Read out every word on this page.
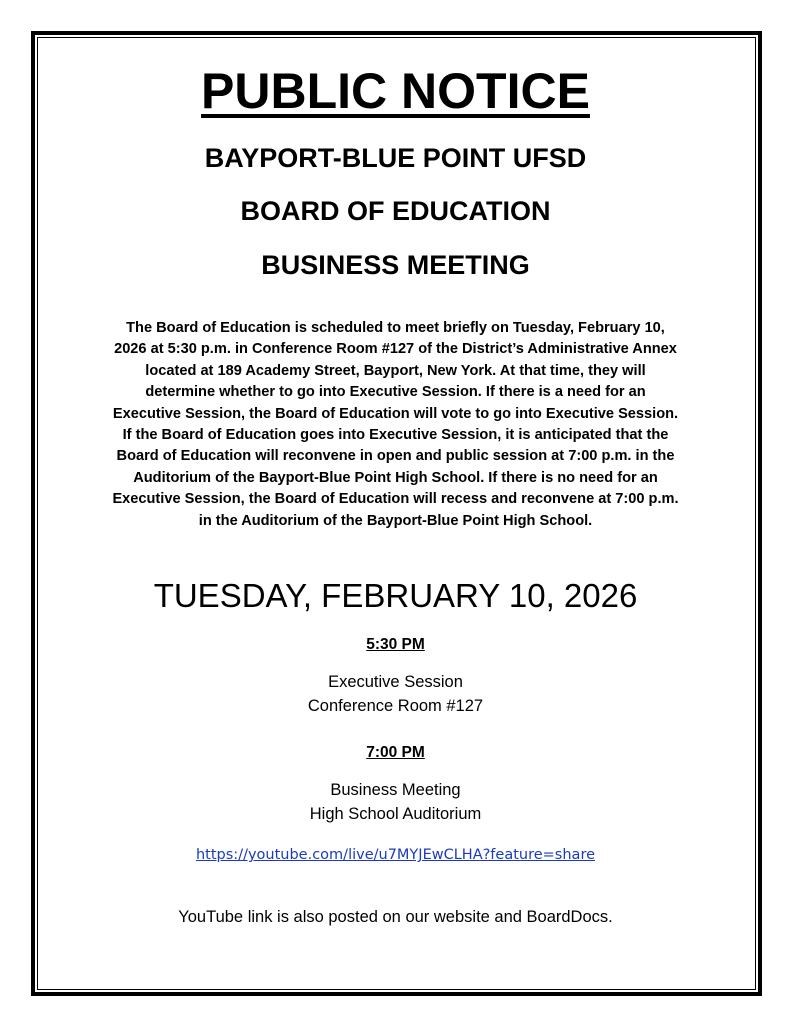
PUBLIC NOTICE
BAYPORT-BLUE POINT UFSD
BOARD OF EDUCATION
BUSINESS MEETING
The Board of Education is scheduled to meet briefly on Tuesday, February 10,
2026 at 5:30 p.m. in Conference Room #127 of the District’s Administrative Annex
located at 189 Academy Street, Bayport, New York. At that time, they will
determine whether to go into Executive Session. If there is a need for an
Executive Session, the Board of Education will vote to go into Executive Session.
If the Board of Education goes into Executive Session, it is anticipated that the
Board of Education will reconvene in open and public session at 7:00 p.m. in the
Auditorium of the Bayport-Blue Point High School. If there is no need for an
Executive Session, the Board of Education will recess and reconvene at 7:00 p.m.
in the Auditorium of the Bayport-Blue Point High School.
TUESDAY, FEBRUARY 10, 2026
5:30 PM
Executive Session
Conference Room #127
7:00 PM
Business Meeting
High School Auditorium
https://youtube.com/live/u7MYJEwCLHA?feature=share
YouTube link is also posted on our website and BoardDocs.
